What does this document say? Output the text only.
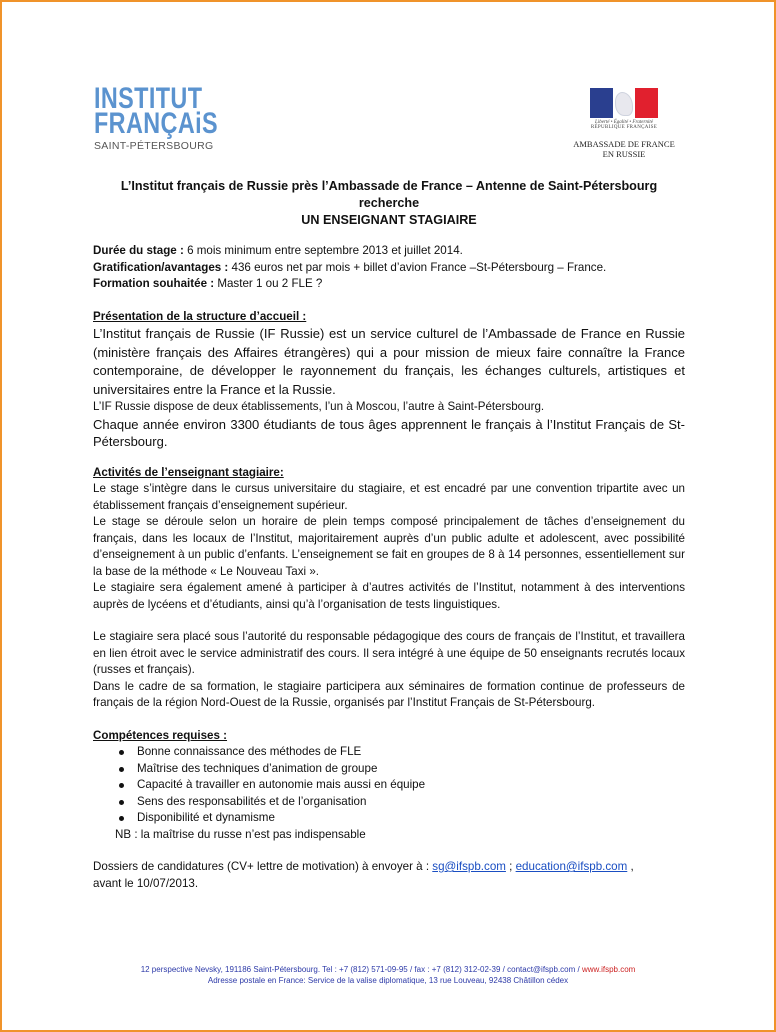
INSTITUT
FRANÇAiS
SAINT-PÉTERSBOURG
Liberté • Égalité • Fraternité
RÉPUBLIQUE FRANÇAISE
AMBASSADE DE FRANCE
EN RUSSIE
L’Institut français de Russie près l’Ambassade de France – Antenne de Saint-Pétersbourg
recherche
UN ENSEIGNANT STAGIAIRE
Durée du stage : 6 mois minimum entre septembre 2013 et juillet 2014.
Gratification/avantages : 436 euros net par mois + billet d’avion France –St-Pétersbourg – France.
Formation souhaitée : Master 1 ou 2 FLE ?
Présentation de la structure d’accueil :
L’Institut français de Russie (IF Russie) est un service culturel de l’Ambassade de France en Russie (ministère français des Affaires étrangères) qui a pour mission de mieux faire connaître la France contemporaine, de développer le rayonnement du français, les échanges culturels, artistiques et universitaires entre la France et la Russie.
L’IF Russie dispose de deux établissements, l’un à Moscou, l’autre à Saint-Pétersbourg.
Chaque année environ 3300 étudiants de tous âges apprennent le français à l’Institut Français de St-Pétersbourg.
Activités de l’enseignant stagiaire:
Le stage s’intègre dans le cursus universitaire du stagiaire, et est encadré par une convention tripartite avec un établissement français d’enseignement supérieur.
Le stage se déroule selon un horaire de plein temps composé principalement de tâches d’enseignement du français, dans les locaux de l’Institut, majoritairement auprès d’un public adulte et adolescent, avec possibilité d’enseignement à un public d’enfants. L’enseignement se fait en groupes de 8 à 14 personnes, essentiellement sur la base de la méthode « Le Nouveau Taxi ».
Le stagiaire sera également amené à participer à d’autres activités de l’Institut, notamment à des interventions auprès de lycéens et d’étudiants, ainsi qu’à l’organisation de tests linguistiques.
Le stagiaire sera placé sous l’autorité du responsable pédagogique des cours de français de l’Institut, et travaillera en lien étroit avec le service administratif des cours. Il sera intégré à une équipe de 50 enseignants recrutés locaux (russes et français).
Dans le cadre de sa formation, le stagiaire participera aux séminaires de formation continue de professeurs de français de la région Nord-Ouest de la Russie, organisés par l’Institut Français de St-Pétersbourg.
Compétences requises :
Bonne connaissance des méthodes de FLE
Maîtrise des techniques d’animation de groupe
Capacité à travailler en autonomie mais aussi en équipe
Sens des responsabilités et de l’organisation
Disponibilité et dynamisme
NB : la maîtrise du russe n’est pas indispensable
Dossiers de candidatures (CV+ lettre de motivation) à envoyer à : sg@ifspb.com ; education@ifspb.com ,
avant le 10/07/2013.
12 perspective Nevsky, 191186 Saint-Pétersbourg. Tel : +7 (812) 571-09-95 / fax : +7 (812) 312-02-39 / contact@ifspb.com / www.ifspb.com
Adresse postale en France: Service de la valise diplomatique, 13 rue Louveau, 92438 Châtillon cédex
